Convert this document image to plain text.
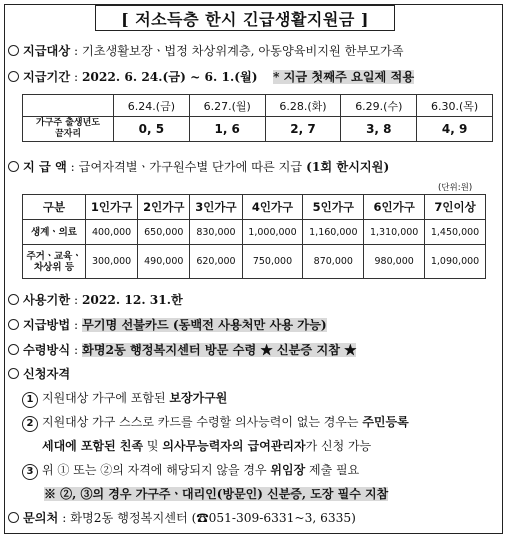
[ 저소득층 한시 긴급생활지원금 ]
지급대상 : 기초생활보장ㆍ법정 차상위계층, 아동양육비지원 한부모가족
지급기간 : 2022. 6. 24.(금) ~ 6. 1.(월) * 지금 첫째주 요일제 적용
	6.24.(금)	6.27.(월)	6.28.(화)	6.29.(수)	6.30.(목)
가구주 출생년도
끝자리	0, 5	1, 6	2, 7	3, 8	4, 9
지 급 액 : 급여자격별ㆍ가구원수별 단가에 따른 지급 (1회 한시지원)
(단위:원)
구분	1인가구	2인가구	3인가구	4인가구	5인가구	6인가구	7인이상
생계ㆍ의료	400,000	650,000	830,000	1,000,000	1,160,000	1,310,000	1,450,000
주거ㆍ교육ㆍ
차상위 등	300,000	490,000	620,000	750,000	870,000	980,000	1,090,000
사용기한 : 2022. 12. 31.한
지급방법 : 무기명 선불카드 (동백전 사용처만 사용 가능)
수령방식 : 화명2동 행정복지센터 방문 수령 ★ 신분증 지참 ★
신청자격
1 지원대상 가구에 포함된 보장가구원
2 지원대상 가구 스스로 카드를 수령할 의사능력이 없는 경우는 주민등록
세대에 포함된 친족 및 의사무능력자의 급여관리자가 신청 가능
3 위 ① 또는 ②의 자격에 해당되지 않을 경우 위임장 제출 필요
※ ②, ③의 경우 가구주ㆍ대리인(방문인) 신분증, 도장 필수 지참
문의처 : 화명2동 행정복지센터 (☎051-309-6331~3, 6335)
